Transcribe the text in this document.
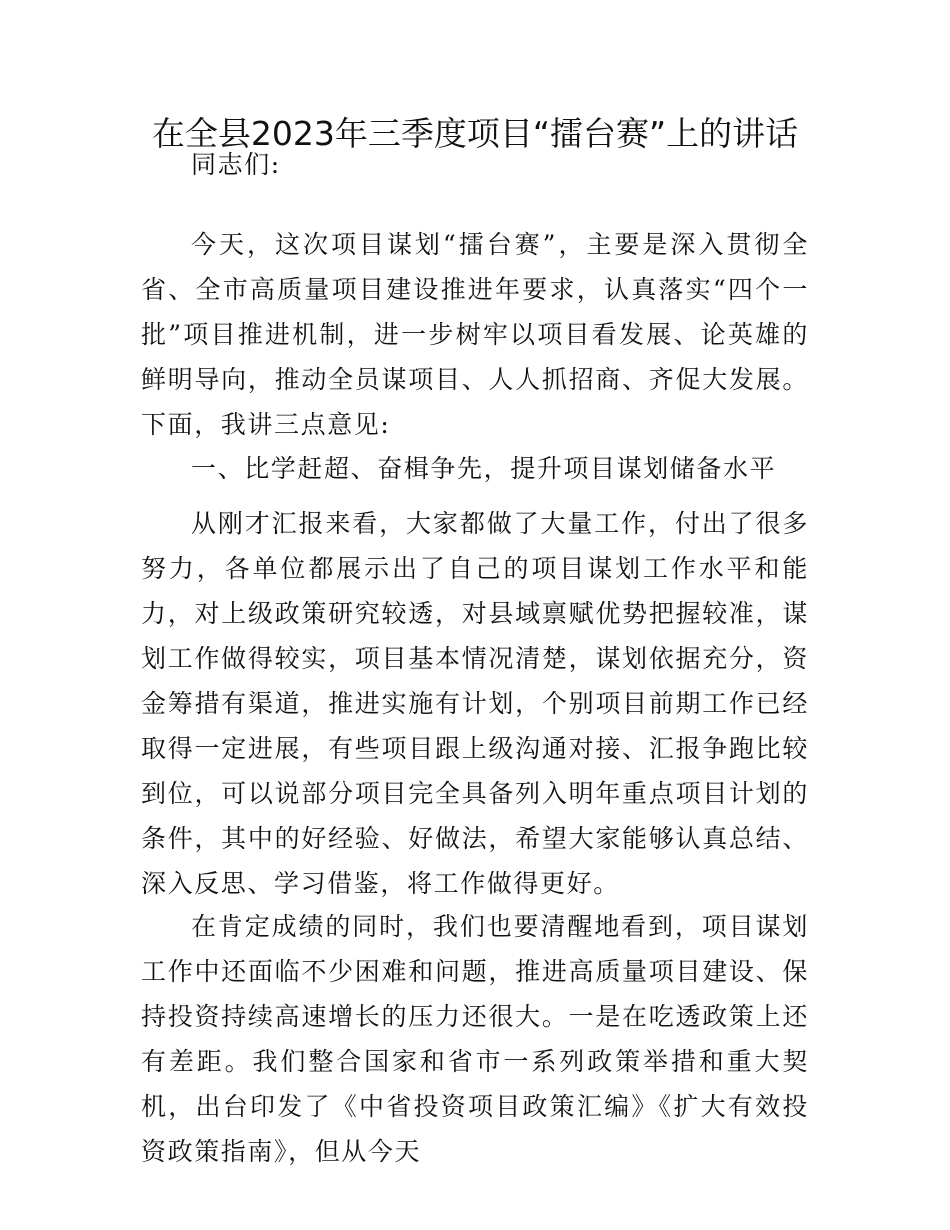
在全县2023年三季度项目“擂台赛”上的讲话

同志们:

今天，这次项目谋划“擂台赛”，主要是深入贯彻全省、全市高质量项目建设推进年要求，认真落实“四个一批”项目推进机制，进一步树牢以项目看发展、论英雄的鲜明导向，推动全员谋项目、人人抓招商、齐促大发展。下面，我讲三点意见:

一、比学赶超、奋楫争先，提升项目谋划储备水平

从刚才汇报来看，大家都做了大量工作，付出了很多努力，各单位都展示出了自己的项目谋划工作水平和能力，对上级政策研究较透，对县域禀赋优势把握较准，谋划工作做得较实，项目基本情况清楚，谋划依据充分，资金筹措有渠道，推进实施有计划，个别项目前期工作已经取得一定进展，有些项目跟上级沟通对接、汇报争跑比较到位，可以说部分项目完全具备列入明年重点项目计划的条件，其中的好经验、好做法，希望大家能够认真总结、深入反思、学习借鉴，将工作做得更好。

在肯定成绩的同时，我们也要清醒地看到，项目谋划工作中还面临不少困难和问题，推进高质量项目建设、保持投资持续高速增长的压力还很大。一是在吃透政策上还有差距。我们整合国家和省市一系列政策举措和重大契机，出台印发了《中省投资项目政策汇编》《扩大有效投资政策指南》，但从今天
